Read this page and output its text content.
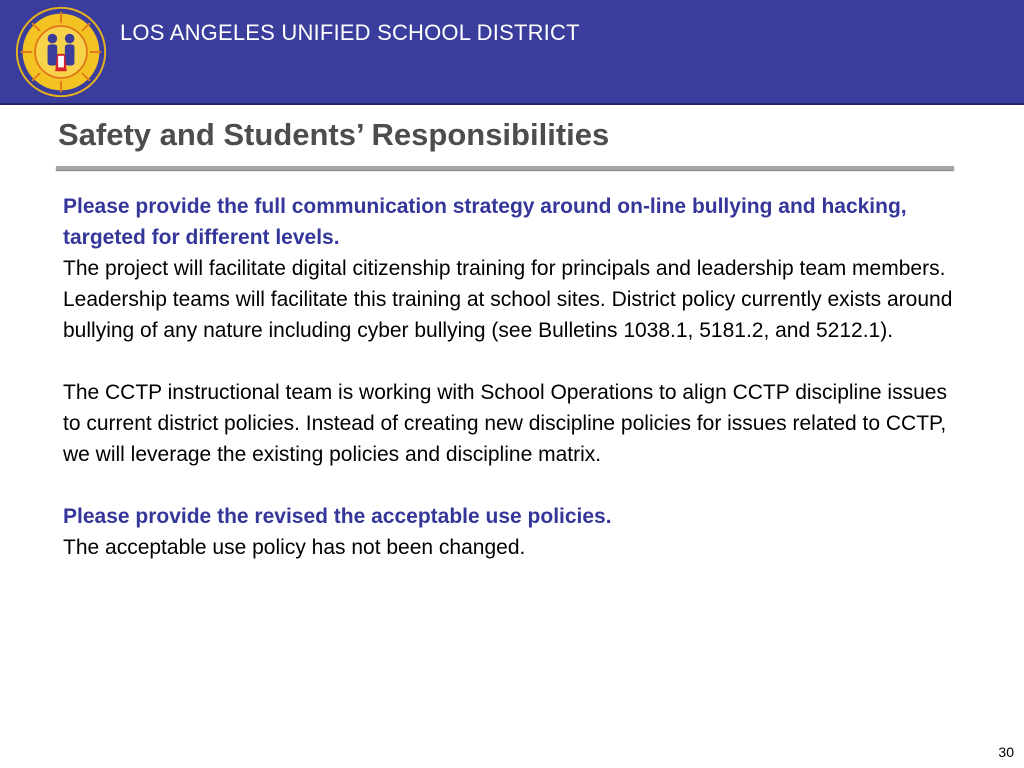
LOS ANGELES UNIFIED SCHOOL DISTRICT
Safety and Students’ Responsibilities

Please provide the full communication strategy around on-line bullying and hacking, targeted for different levels.

The project will facilitate digital citizenship training for principals and leadership team members. Leadership teams will facilitate this training at school sites. District policy currently exists around bullying of any nature including cyber bullying (see Bulletins 1038.1, 5181.2, and 5212.1).

The CCTP instructional team is working with School Operations to align CCTP discipline issues to current district policies. Instead of creating new discipline policies for issues related to CCTP, we will leverage the existing policies and discipline matrix.

Please provide the revised the acceptable use policies.

The acceptable use policy has not been changed.

30
